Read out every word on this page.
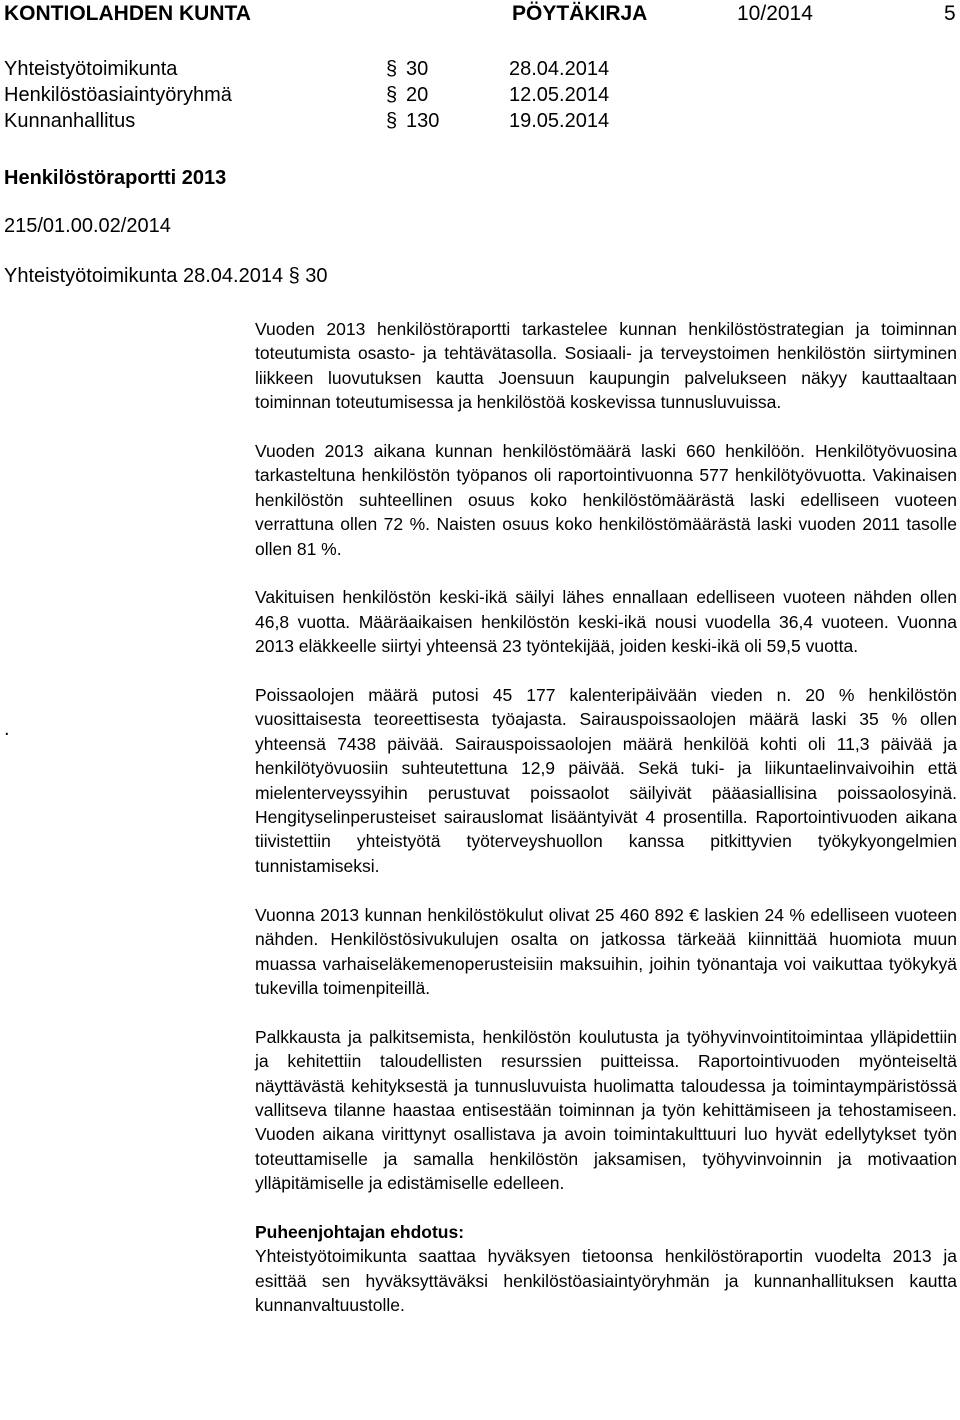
KONTIOLAHDEN KUNTA	PÖYTÄKIRJA	10/2014	5
Yhteistyötoimikunta	§ 30	28.04.2014
Henkilöstöasiaintyöryhmä	§ 20	12.05.2014
Kunnanhallitus	§ 130	19.05.2014
Henkilöstöraportti 2013
215/01.00.02/2014
Yhteistyötoimikunta 28.04.2014 § 30
.

Vuoden 2013 henkilöstöraportti tarkastelee kunnan henkilöstöstrategian ja toiminnan toteutumista osasto- ja tehtävätasolla. Sosiaali- ja terveystoimen henkilöstön siirtyminen liikkeen luovutuksen kautta Joensuun kaupungin palvelukseen näkyy kauttaaltaan toiminnan toteutumisessa ja henkilöstöä koskevissa tunnusluvuissa.

Vuoden 2013 aikana kunnan henkilöstömäärä laski 660 henkilöön. Henkilötyövuosina tarkasteltuna henkilöstön työpanos oli raportointivuonna 577 henkilötyövuotta. Vakinaisen henkilöstön suhteellinen osuus koko henkilöstömäärästä laski edelliseen vuoteen verrattuna ollen 72 %. Naisten osuus koko henkilöstömäärästä laski vuoden 2011 tasolle ollen 81 %.

Vakituisen henkilöstön keski-ikä säilyi lähes ennallaan edelliseen vuoteen nähden ollen 46,8 vuotta. Määräaikaisen henkilöstön keski-ikä nousi vuodella 36,4 vuoteen. Vuonna 2013 eläkkeelle siirtyi yhteensä 23 työntekijää, joiden keski-ikä oli 59,5 vuotta.

Poissaolojen määrä putosi 45 177 kalenteripäivään vieden n. 20 % henkilöstön vuosittaisesta teoreettisesta työajasta. Sairauspoissaolojen määrä laski 35 % ollen yhteensä 7438 päivää. Sairauspoissaolojen määrä henkilöä kohti oli 11,3 päivää ja henkilötyövuosiin suhteutettuna 12,9 päivää. Sekä tuki- ja liikuntaelinvaivoihin että mielenterveyssyihin perustuvat poissaolot säilyivät pääasiallisina poissaolosyinä. Hengityselinperusteiset sairauslomat lisääntyivät 4 prosentilla. Raportointivuoden aikana tiivistettiin yhteistyötä työterveyshuollon kanssa pitkittyvien työkykyongelmien tunnistamiseksi.

Vuonna 2013 kunnan henkilöstökulut olivat 25 460 892 € laskien 24 % edelliseen vuoteen nähden. Henkilöstösivukulujen osalta on jatkossa tärkeää kiinnittää huomiota muun muassa varhaiseläkemenoperusteisiin maksuihin, joihin työnantaja voi vaikuttaa työkykyä tukevilla toimenpiteillä.

Palkkausta ja palkitsemista, henkilöstön koulutusta ja työhyvinvointitoimintaa ylläpidettiin ja kehitettiin taloudellisten resurssien puitteissa. Raportointivuoden myönteiseltä näyttävästä kehityksestä ja tunnusluvuista huolimatta taloudessa ja toimintaympäristössä vallitseva tilanne haastaa entisestään toiminnan ja työn kehittämiseen ja tehostamiseen. Vuoden aikana virittynyt osallistava ja avoin toimintakulttuuri luo hyvät edellytykset työn toteuttamiselle ja samalla henkilöstön jaksamisen, työhyvinvoinnin ja motivaation ylläpitämiselle ja edistämiselle edelleen.

Puheenjohtajan ehdotus:

Yhteistyötoimikunta saattaa hyväksyen tietoonsa henkilöstöraportin vuodelta 2013 ja esittää sen hyväksyttäväksi henkilöstöasiaintyöryhmän ja kunnanhallituksen kautta kunnanvaltuustolle.
